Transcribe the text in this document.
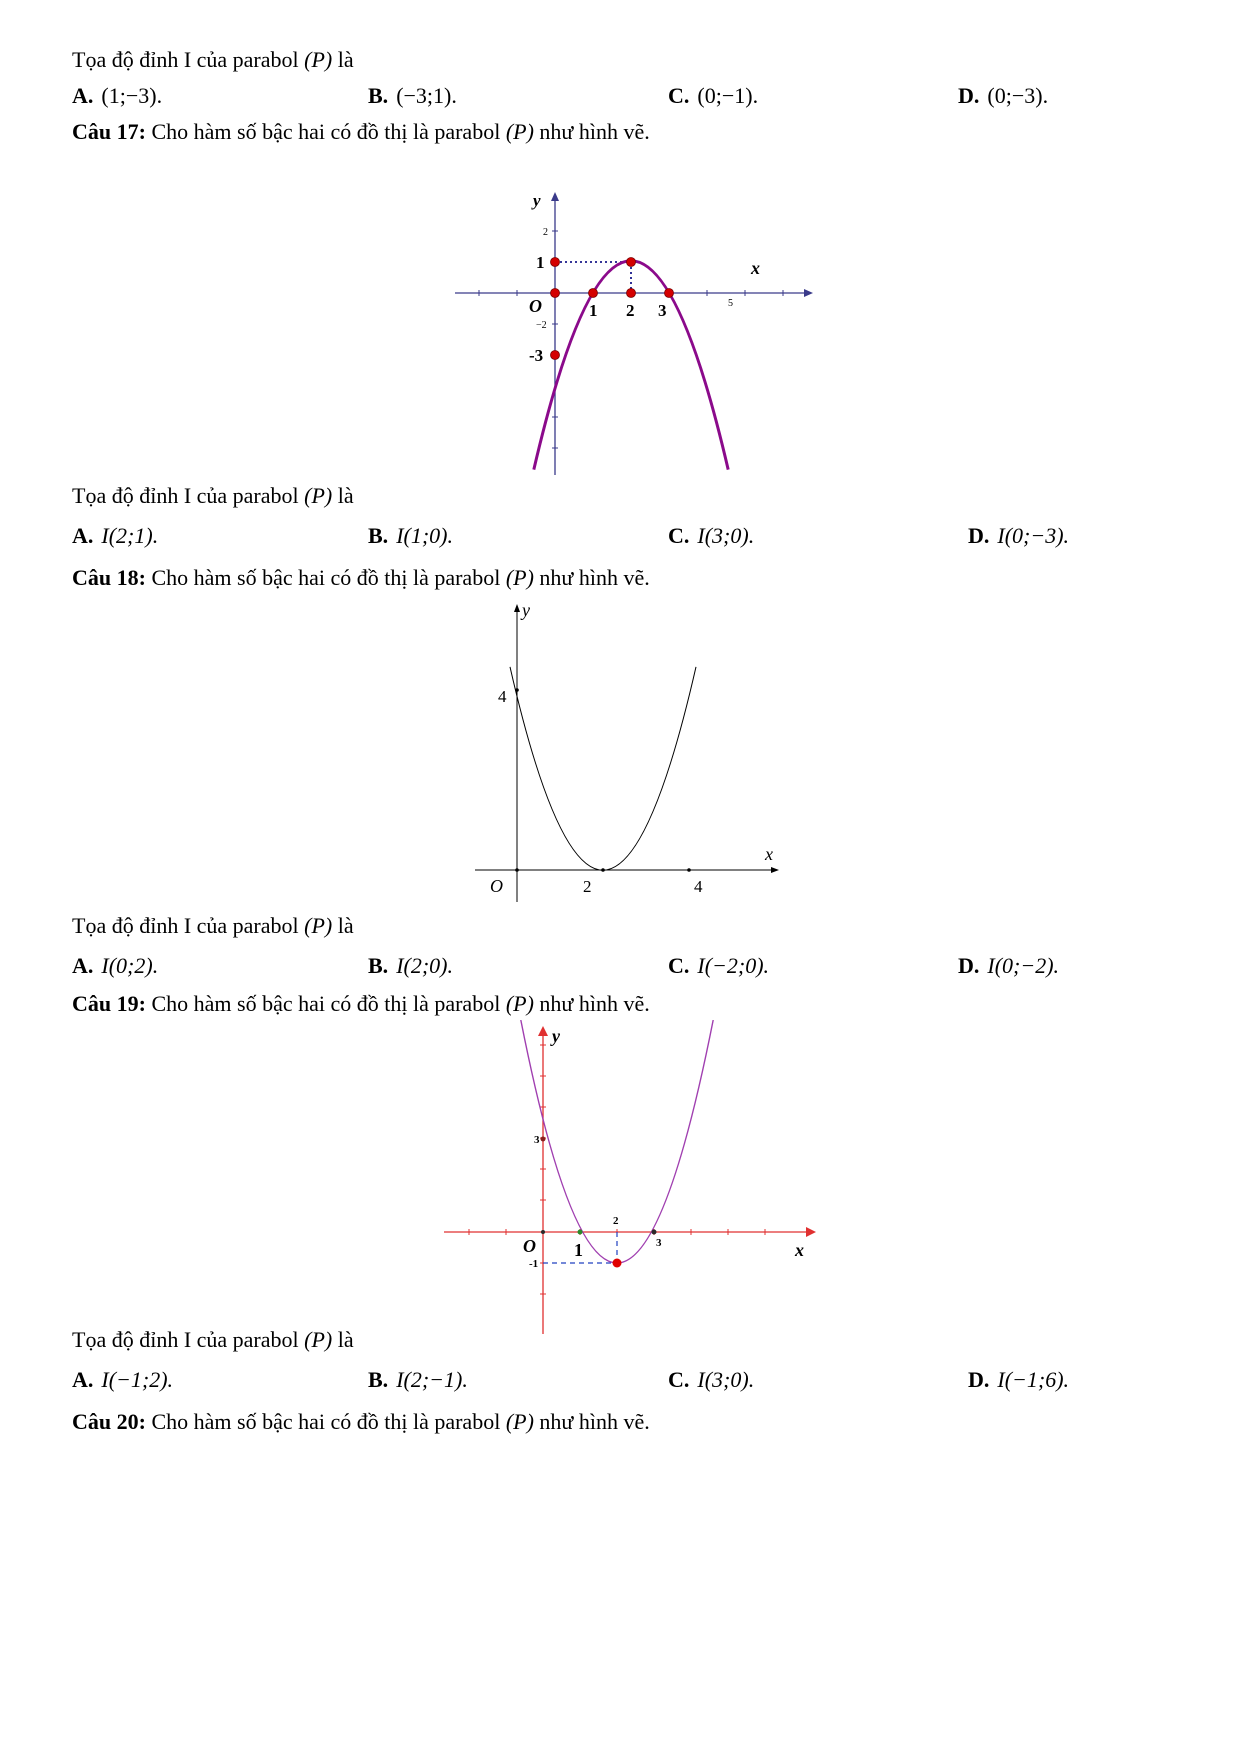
Tọa độ đỉnh I của parabol (P) là
A. (1;−3).	B. (−3;1).	C. (0;−1).	D. (0;−3).
Câu 17: Cho hàm số bậc hai có đồ thị là parabol (P) như hình vẽ.
y
x
O
2
1
−2
-3
1 2 3	5
Tọa độ đỉnh I của parabol (P) là
A. I(2;1).	B. I(1;0).	C. I(3;0).	D. I(0;−3).
Câu 18: Cho hàm số bậc hai có đồ thị là parabol (P) như hình vẽ.
y
x
O
4
2	4
Tọa độ đỉnh I của parabol (P) là
A. I(0;2).	B. I(2;0).	C. I(−2;0).	D. I(0;−2).
Câu 19: Cho hàm số bậc hai có đồ thị là parabol (P) như hình vẽ.
y
x
O
3
-1
1
2
3
Tọa độ đỉnh I của parabol (P) là
A. I(−1;2).	B. I(2;−1).	C. I(3;0).	D. I(−1;6).
Câu 20: Cho hàm số bậc hai có đồ thị là parabol (P) như hình vẽ.
